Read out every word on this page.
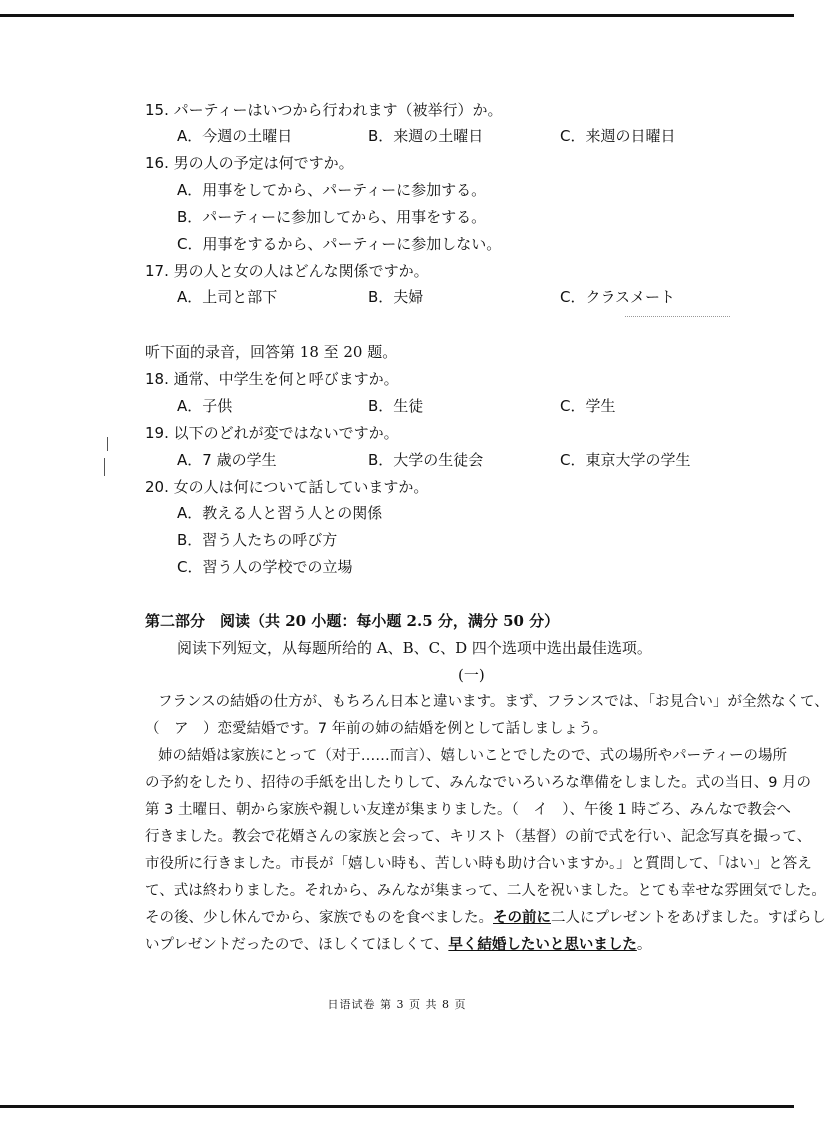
15. パーティーはいつから行われます（被举行）か。
A．今週の土曜日	B．来週の土曜日	C．来週の日曜日
16. 男の人の予定は何ですか。
A．用事をしてから、パーティーに参加する。
B．パーティーに参加してから、用事をする。
C．用事をするから、パーティーに参加しない。
17. 男の人と女の人はどんな関係ですか。
A．上司と部下	B．夫婦	C．クラスメート
听下面的录音，回答第 18 至 20 题。
18. 通常、中学生を何と呼びますか。
A．子供	B．生徒	C．学生
19. 以下のどれが変ではないですか。
A．7 歳の学生	B．大学の生徒会	C．東京大学の学生
20. 女の人は何について話していますか。
A．教える人と習う人との関係
B．習う人たちの呼び方
C．習う人の学校での立場
第二部分　阅读（共 20 小题：每小题 2.5 分，满分 50 分）
阅读下列短文，从每题所给的 A、B、C、D 四个选项中选出最佳选项。
(一)
フランスの結婚の仕方が、もちろん日本と違います。まず、フランスでは、「お見合い」が全然なくて、
（　ア　）恋愛結婚です。7 年前の姉の結婚を例として話しましょう。
姉の結婚は家族にとって（对于……而言）、嬉しいことでしたので、式の場所やパーティーの場所
の予約をしたり、招待の手紙を出したりして、みんなでいろいろな準備をしました。式の当日、9 月の
第 3 土曜日、朝から家族や親しい友達が集まりました。（　イ　）、午後 1 時ごろ、みんなで教会へ
行きました。教会で花婿さんの家族と会って、キリスト（基督）の前で式を行い、記念写真を撮って、
市役所に行きました。市長が「嬉しい時も、苦しい時も助け合いますか。」と質問して、「はい」と答え
て、式は終わりました。それから、みんなが集まって、二人を祝いました。とても幸せな雰囲気でした。
その後、少し休んでから、家族でものを食べました。その前に二人にプレゼントをあげました。すばらし
いプレゼントだったので、ほしくてほしくて、早く結婚したいと思いました。
日语试卷 第 3 页 共 8 页
